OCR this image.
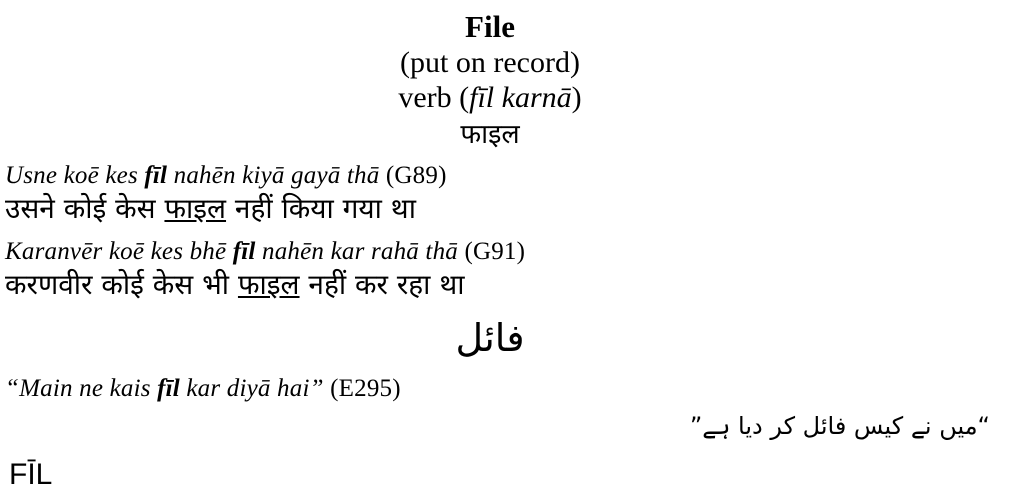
File
(put on record)
verb (fīl karnā)
फाइल
Usne koē kes fīl nahēn kiyā gayā thā (G89)
उसने कोई केस फाइल नहीं किया गया था
Karanvēr koē kes bhē fīl nahēn kar rahā thā (G91)
करणवीर कोई केस भी फाइल नहीं कर रहा था
فائل
“Main ne kais fīl kar diyā hai” (E295)
“میں نے کیس فائل کر دیا ہے”
FĪL
